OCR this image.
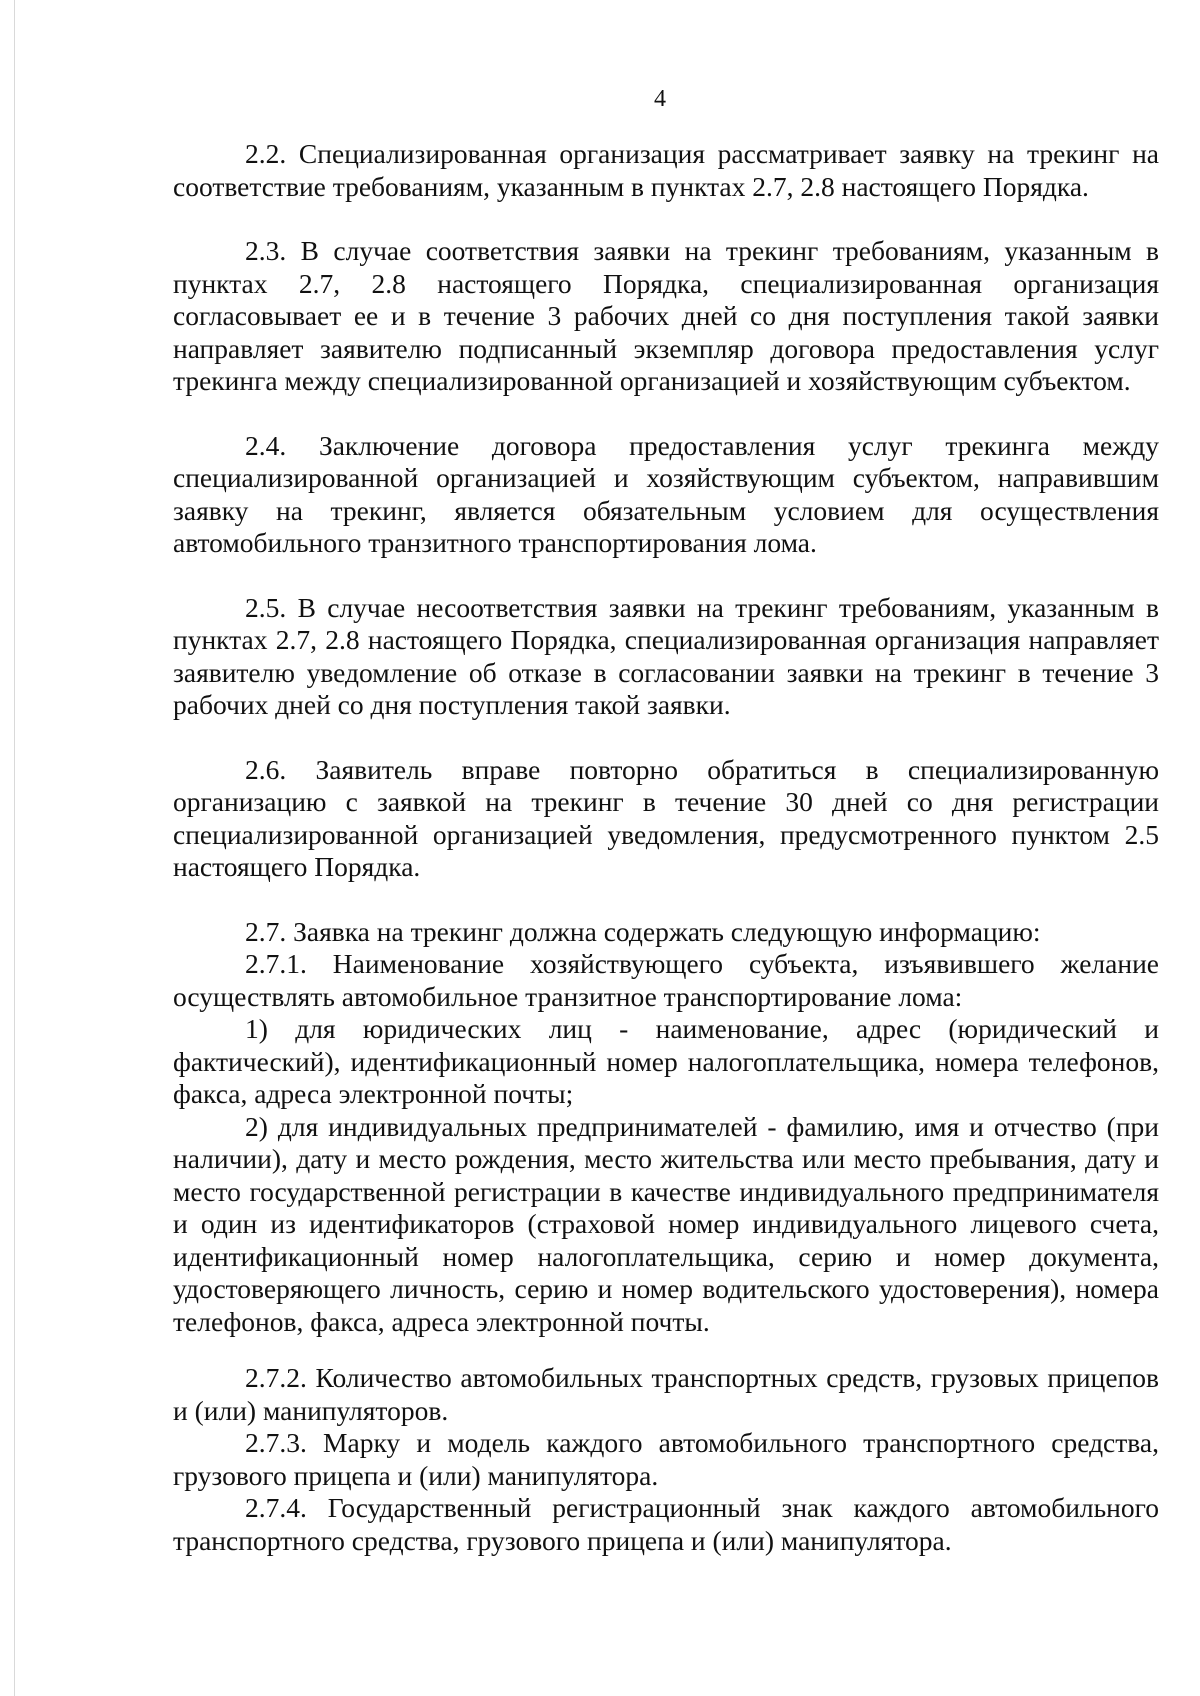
4

2.2. Специализированная организация рассматривает заявку на трекинг на соответствие требованиям, указанным в пунктах 2.7, 2.8 настоящего Порядка.

2.3. В случае соответствия заявки на трекинг требованиям, указанным в пунктах 2.7, 2.8 настоящего Порядка, специализированная организация согласовывает ее и в течение 3 рабочих дней со дня поступления такой заявки направляет заявителю подписанный экземпляр договора предоставления услуг трекинга между специализированной организацией и хозяйствующим субъектом.

2.4. Заключение договора предоставления услуг трекинга между специализированной организацией и хозяйствующим субъектом, направившим заявку на трекинг, является обязательным условием для осуществления автомобильного транзитного транспортирования лома.

2.5. В случае несоответствия заявки на трекинг требованиям, указанным в пунктах 2.7, 2.8 настоящего Порядка, специализированная организация направляет заявителю уведомление об отказе в согласовании заявки на трекинг в течение 3 рабочих дней со дня поступления такой заявки.

2.6. Заявитель вправе повторно обратиться в специализированную организацию с заявкой на трекинг в течение 30 дней со дня регистрации специализированной организацией уведомления, предусмотренного пунктом 2.5 настоящего Порядка.

2.7. Заявка на трекинг должна содержать следующую информацию:

2.7.1. Наименование хозяйствующего субъекта, изъявившего желание осуществлять автомобильное транзитное транспортирование лома:

1) для юридических лиц - наименование, адрес (юридический и фактический), идентификационный номер налогоплательщика, номера телефонов, факса, адреса электронной почты;

2) для индивидуальных предпринимателей - фамилию, имя и отчество (при наличии), дату и место рождения, место жительства или место пребывания, дату и место государственной регистрации в качестве индивидуального предпринимателя и один из идентификаторов (страховой номер индивидуального лицевого счета, идентификационный номер налогоплательщика, серию и номер документа, удостоверяющего личность, серию и номер водительского удостоверения), номера телефонов, факса, адреса электронной почты.

2.7.2. Количество автомобильных транспортных средств, грузовых прицепов и (или) манипуляторов.

2.7.3. Марку и модель каждого автомобильного транспортного средства, грузового прицепа и (или) манипулятора.

2.7.4. Государственный регистрационный знак каждого автомобильного транспортного средства, грузового прицепа и (или) манипулятора.
